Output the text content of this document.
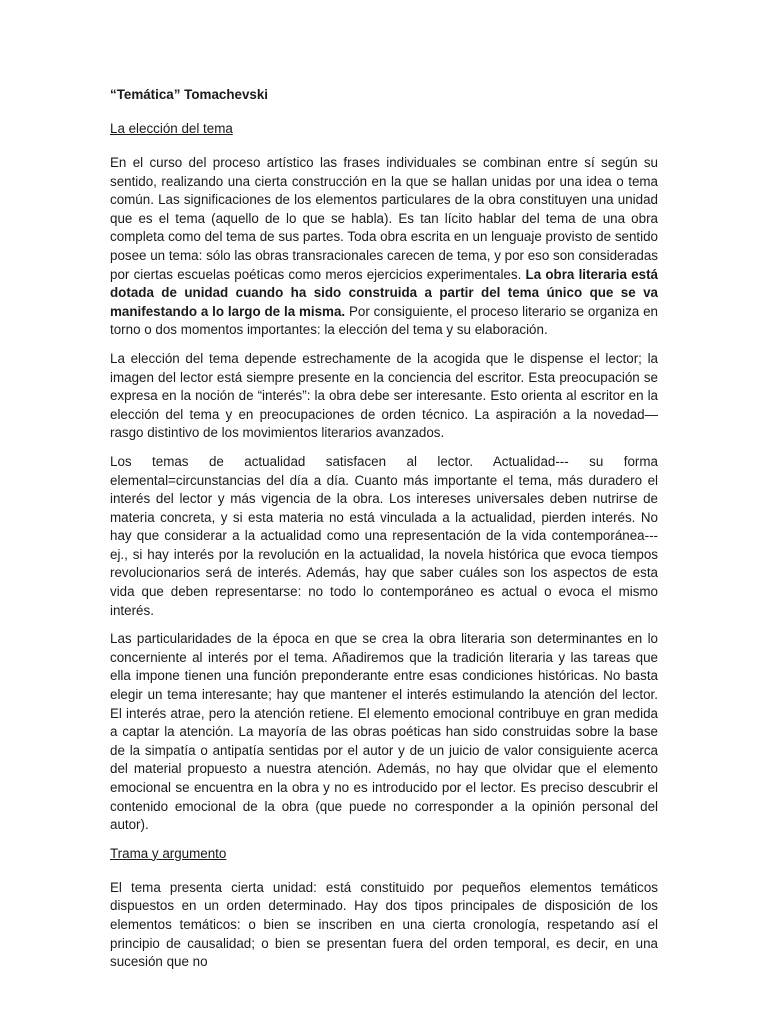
“Temática” Tomachevski
La elección del tema

En el curso del proceso artístico las frases individuales se combinan entre sí según su sentido, realizando una cierta construcción en la que se hallan unidas por una idea o tema común. Las significaciones de los elementos particulares de la obra constituyen una unidad que es el tema (aquello de lo que se habla). Es tan lícito hablar del tema de una obra completa como del tema de sus partes. Toda obra escrita en un lenguaje provisto de sentido posee un tema: sólo las obras transracionales carecen de tema, y por eso son consideradas por ciertas escuelas poéticas como meros ejercicios experimentales. La obra literaria está dotada de unidad cuando ha sido construida a partir del tema único que se va manifestando a lo largo de la misma. Por consiguiente, el proceso literario se organiza en torno o dos momentos importantes: la elección del tema y su elaboración.

La elección del tema depende estrechamente de la acogida que le dispense el lector; la imagen del lector está siempre presente en la conciencia del escritor. Esta preocupación se expresa en la noción de “interés”: la obra debe ser interesante. Esto orienta al escritor en la elección del tema y en preocupaciones de orden técnico. La aspiración a la novedad—rasgo distintivo de los movimientos literarios avanzados.

Los temas de actualidad satisfacen al lector. Actualidad--- su forma elemental=circunstancias del día a día. Cuanto más importante el tema, más duradero el interés del lector y más vigencia de la obra. Los intereses universales deben nutrirse de materia concreta, y si esta materia no está vinculada a la actualidad, pierden interés. No hay que considerar a la actualidad como una representación de la vida contemporánea--- ej., si hay interés por la revolución en la actualidad, la novela histórica que evoca tiempos revolucionarios será de interés. Además, hay que saber cuáles son los aspectos de esta vida que deben representarse: no todo lo contemporáneo es actual o evoca el mismo interés.

Las particularidades de la época en que se crea la obra literaria son determinantes en lo concerniente al interés por el tema. Añadiremos que la tradición literaria y las tareas que ella impone tienen una función preponderante entre esas condiciones históricas. No basta elegir un tema interesante; hay que mantener el interés estimulando la atención del lector. El interés atrae, pero la atención retiene. El elemento emocional contribuye en gran medida a captar la atención. La mayoría de las obras poéticas han sido construidas sobre la base de la simpatía o antipatía sentidas por el autor y de un juicio de valor consiguiente acerca del material propuesto a nuestra atención. Además, no hay que olvidar que el elemento emocional se encuentra en la obra y no es introducido por el lector. Es preciso descubrir el contenido emocional de la obra (que puede no corresponder a la opinión personal del autor).

Trama y argumento

El tema presenta cierta unidad: está constituido por pequeños elementos temáticos dispuestos en un orden determinado. Hay dos tipos principales de disposición de los elementos temáticos: o bien se inscriben en una cierta cronología, respetando así el principio de causalidad; o bien se presentan fuera del orden temporal, es decir, en una sucesión que no
